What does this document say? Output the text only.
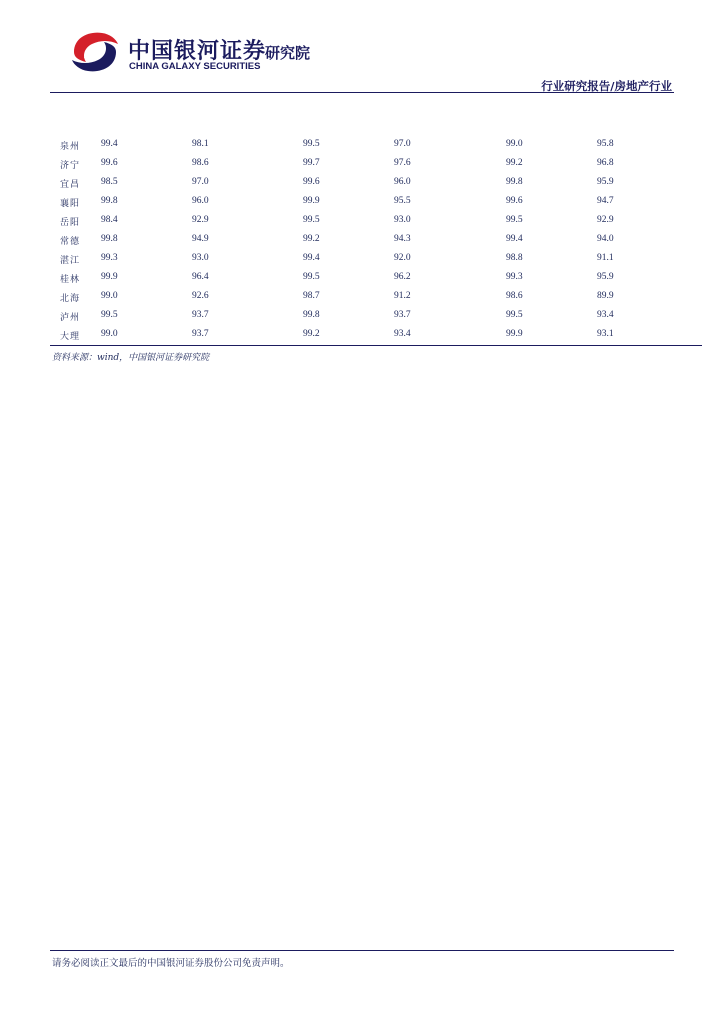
中国银河证券
研究院
CHINA GALAXY SECURITIES
行业研究报告/房地产行业
泉州 99.4	98.1	99.5	97.0	99.0	95.8
济宁 99.6	98.6	99.7	97.6	99.2	96.8
宜昌 98.5	97.0	99.6	96.0	99.8	95.9
襄阳 99.8	96.0	99.9	95.5	99.6	94.7
岳阳 98.4	92.9	99.5	93.0	99.5	92.9
常德 99.8	94.9	99.2	94.3	99.4	94.0
湛江 99.3	93.0	99.4	92.0	98.8	91.1
桂林 99.9	96.4	99.5	96.2	99.3	95.9
北海 99.0	92.6	98.7	91.2	98.6	89.9
泸州 99.5	93.7	99.8	93.7	99.5	93.4
大理 99.0	93.7	99.2	93.4	99.9	93.1
资料来源：wind，中国银河证券研究院
请务必阅读正文最后的中国银河证券股份公司免责声明。
